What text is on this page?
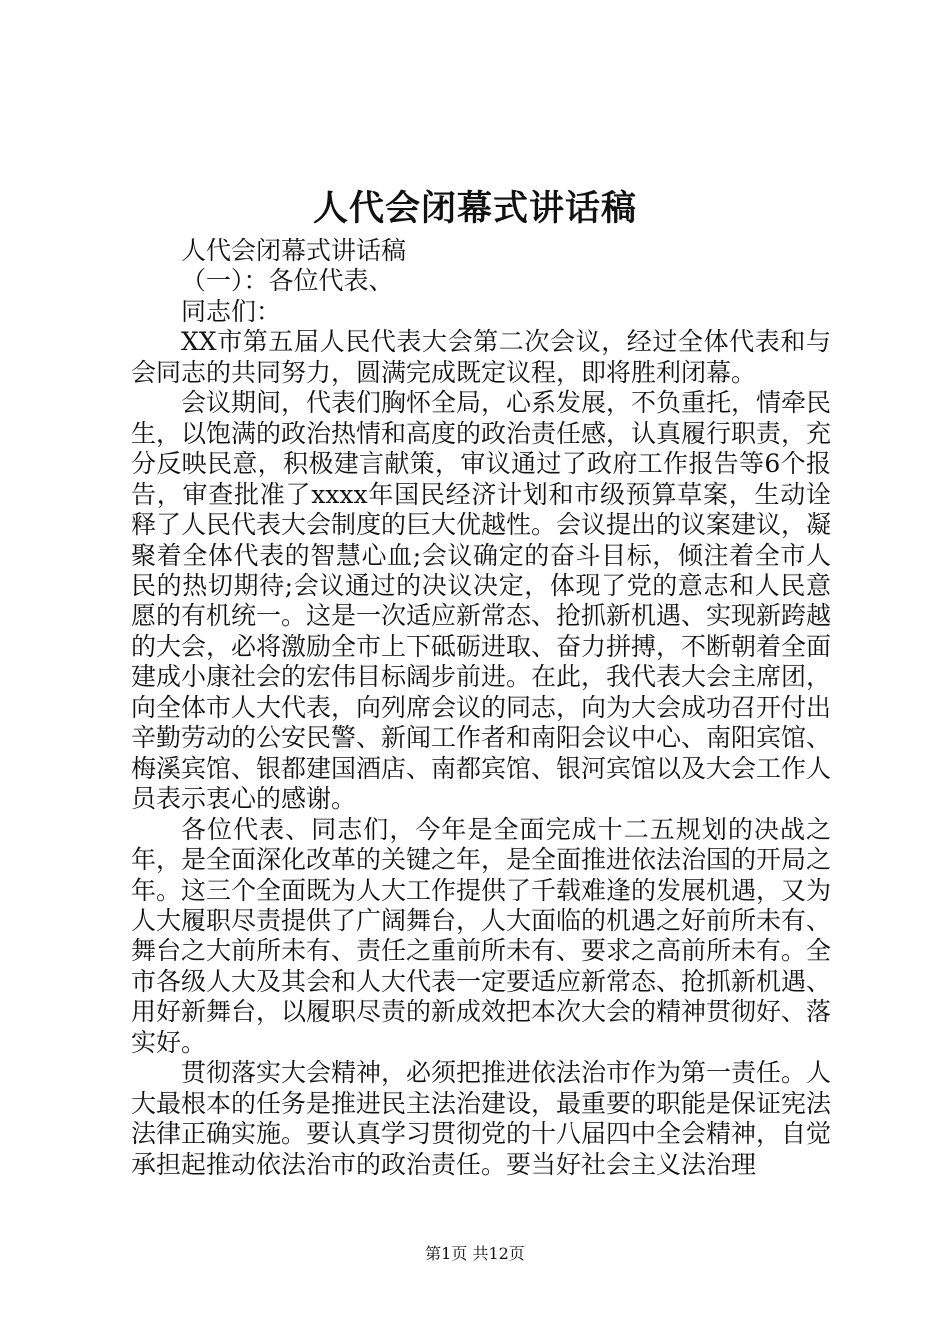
人代会闭幕式讲话稿

人代会闭幕式讲话稿

（一）：各位代表、

同志们：

XX市第五届人民代表大会第二次会议，经过全体代表和与会同志的共同努力，圆满完成既定议程，即将胜利闭幕。

会议期间，代表们胸怀全局，心系发展，不负重托，情牵民生，以饱满的政治热情和高度的政治责任感，认真履行职责，充分反映民意，积极建言献策，审议通过了政府工作报告等6个报告，审查批准了xxxx年国民经济计划和市级预算草案，生动诠释了人民代表大会制度的巨大优越性。会议提出的议案建议，凝聚着全体代表的智慧心血;会议确定的奋斗目标，倾注着全市人民的热切期待;会议通过的决议决定，体现了党的意志和人民意愿的有机统一。这是一次适应新常态、抢抓新机遇、实现新跨越的大会，必将激励全市上下砥砺进取、奋力拼搏，不断朝着全面建成小康社会的宏伟目标阔步前进。在此，我代表大会主席团，向全体市人大代表，向列席会议的同志，向为大会成功召开付出辛勤劳动的公安民警、新闻工作者和南阳会议中心、南阳宾馆、梅溪宾馆、银都建国酒店、南都宾馆、银河宾馆以及大会工作人员表示衷心的感谢。

各位代表、同志们，今年是全面完成十二五规划的决战之年，是全面深化改革的关键之年，是全面推进依法治国的开局之年。这三个全面既为人大工作提供了千载难逢的发展机遇，又为人大履职尽责提供了广阔舞台，人大面临的机遇之好前所未有、舞台之大前所未有、责任之重前所未有、要求之高前所未有。全市各级人大及其会和人大代表一定要适应新常态、抢抓新机遇、用好新舞台，以履职尽责的新成效把本次大会的精神贯彻好、落实好。

贯彻落实大会精神，必须把推进依法治市作为第一责任。人大最根本的任务是推进民主法治建设，最重要的职能是保证宪法法律正确实施。要认真学习贯彻党的十八届四中全会精神，自觉承担起推动依法治市的政治责任。要当好社会主义法治理

第1页 共12页
